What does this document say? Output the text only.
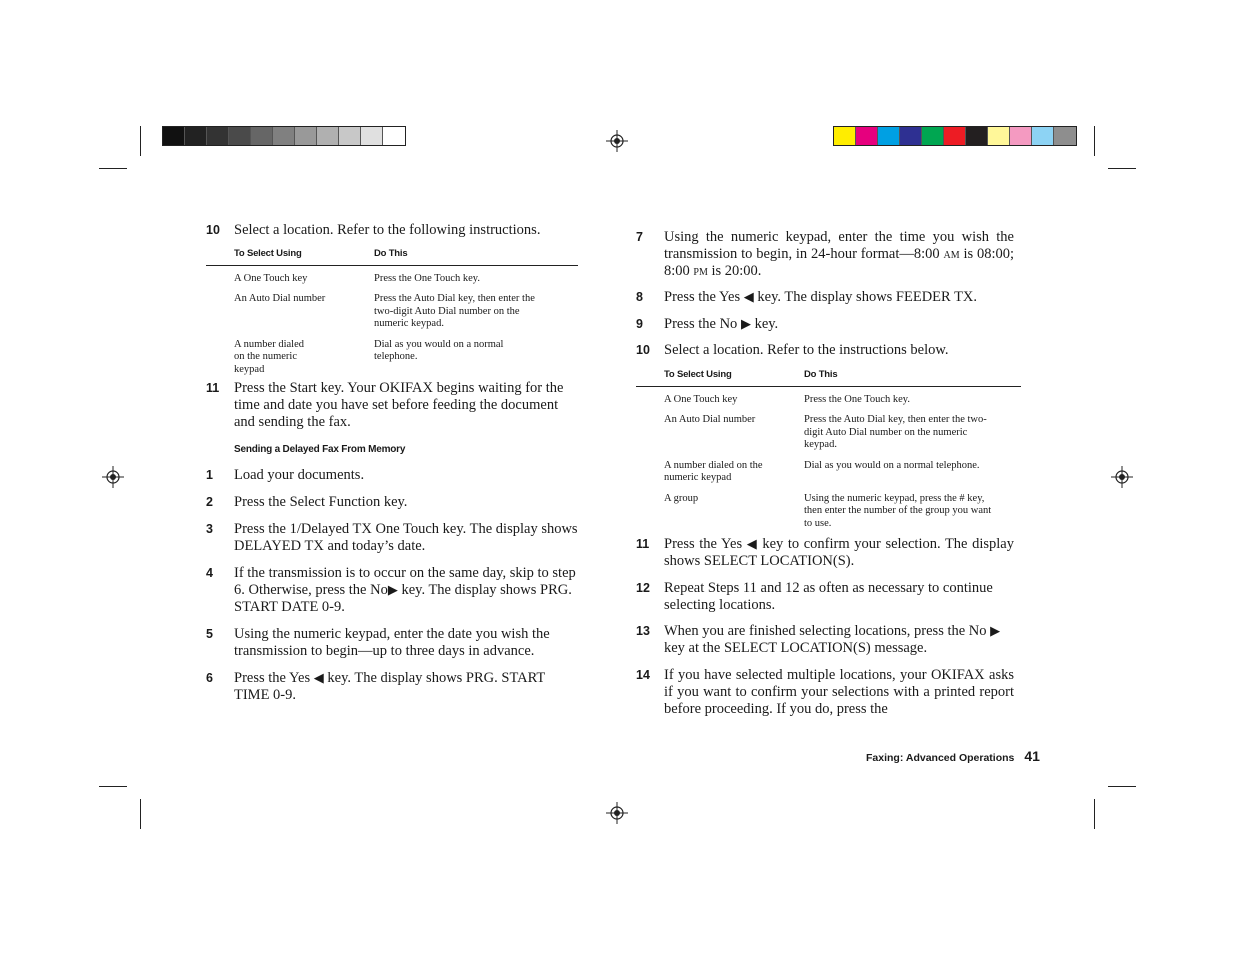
10 Select a location. Refer to the following instructions.
To Select Using	Do This
A One Touch key	Press the One Touch key.
An Auto Dial number	Press the Auto Dial key, then enter the two-digit Auto Dial number on the numeric keypad.
A number dialed on the numeric keypad	Dial as you would on a normal telephone.
11 Press the Start key. Your OKIFAX begins waiting for the time and date you have set before feeding the document and sending the fax.
Sending a Delayed Fax From Memory
1 Load your documents.
2 Press the Select Function key.
3 Press the 1/Delayed TX One Touch key. The display shows DELAYED TX and today’s date.
4 If the transmission is to occur on the same day, skip to step 6. Otherwise, press the No▶ key. The display shows PRG. START DATE 0-9.
5 Using the numeric keypad, enter the date you wish the transmission to begin—up to three days in advance.
6 Press the Yes ◀ key. The display shows PRG. START TIME 0-9.
7 Using the numeric keypad, enter the time you wish the transmission to begin, in 24-hour format—8:00 am is 08:00; 8:00 pm is 20:00.
8 Press the Yes ◀ key. The display shows FEEDER TX.
9 Press the No ▶ key.
10 Select a location. Refer to the instructions below.
To Select Using	Do This
A One Touch key	Press the One Touch key.
An Auto Dial number	Press the Auto Dial key, then enter the two-digit Auto Dial number on the numeric keypad.
A number dialed on the numeric keypad	Dial as you would on a normal telephone.
A group	Using the numeric keypad, press the # key, then enter the number of the group you want to use.
11 Press the Yes ◀ key to confirm your selection. The display shows SELECT LOCATION(S).
12 Repeat Steps 11 and 12 as often as necessary to continue selecting locations.
13 When you are finished selecting locations, press the No ▶ key at the SELECT LOCATION(S) message.
14 If you have selected multiple locations, your OKIFAX asks if you want to confirm your selections with a printed report before proceeding. If you do, press the
Faxing: Advanced Operations 41
